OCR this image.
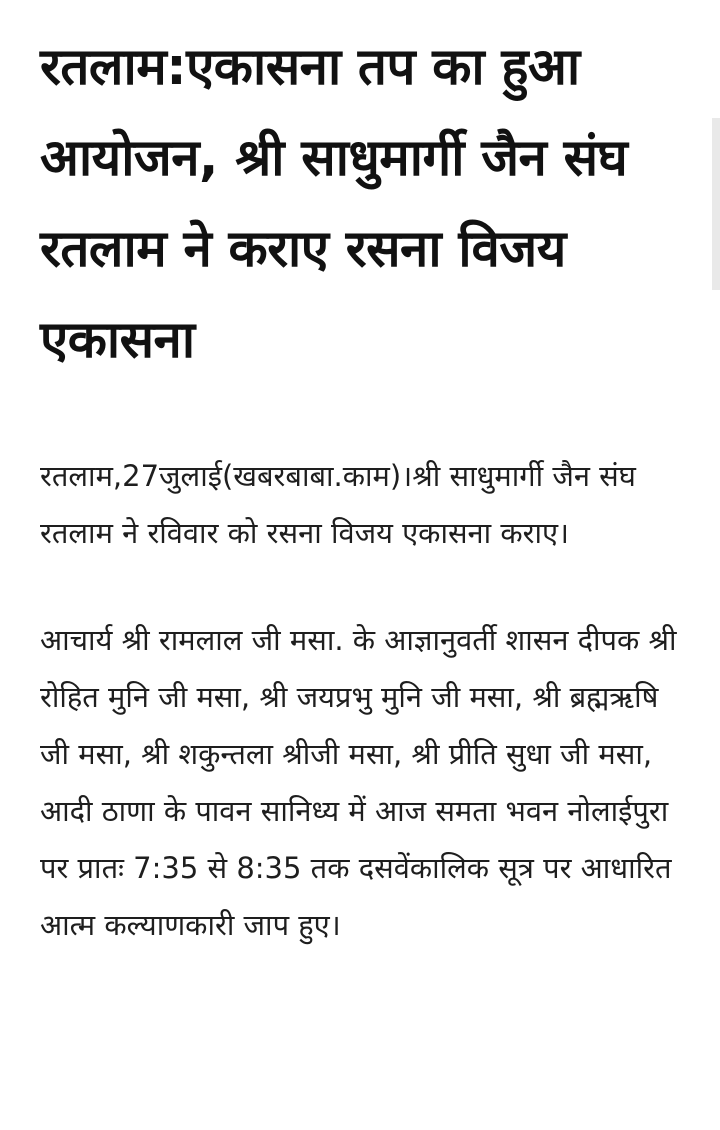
रतलाम:एकासना तप का हुआ आयोजन, श्री साधुमार्गी जैन संघ रतलाम ने कराए रसना विजय एकासना

रतलाम,27जुलाई(खबरबाबा.काम)।श्री साधुमार्गी जैन संघ रतलाम ने रविवार को रसना विजय एकासना कराए।

आचार्य श्री रामलाल जी मसा. के आज्ञानुवर्ती शासन दीपक श्री रोहित मुनि जी मसा, श्री जयप्रभु मुनि जी मसा, श्री ब्रह्मऋषि जी मसा, श्री शकुन्तला श्रीजी मसा, श्री प्रीति सुधा जी मसा, आदी ठाणा के पावन सानिध्य में आज समता भवन नोलाईपुरा पर प्रातः 7:35 से 8:35 तक दसवेंकालिक सूत्र पर आधारित आत्म कल्याणकारी जाप हुए।
